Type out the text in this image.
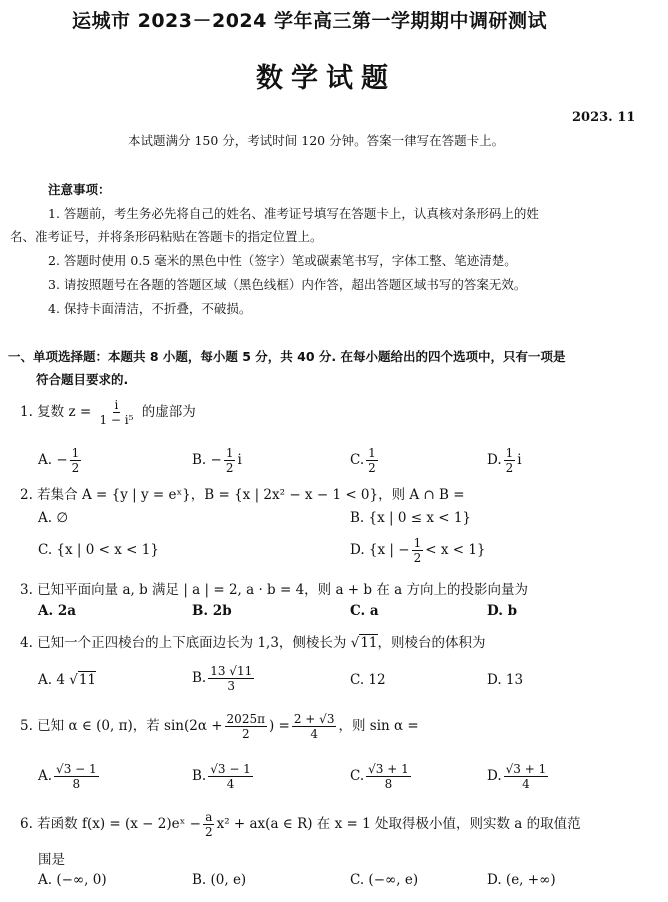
运城市 2023－2024 学年高三第一学期期中调研测试
数学试题
2023. 11
本试题满分 150 分，考试时间 120 分钟。答案一律写在答题卡上。
注意事项：
1. 答题前，考生务必先将自己的姓名、准考证号填写在答题卡上，认真核对条形码上的姓
名、准考证号，并将条形码粘贴在答题卡的指定位置上。
2. 答题时使用 0.5 毫米的黑色中性（签字）笔或碳素笔书写，字体工整、笔迹清楚。
3. 请按照题号在各题的答题区域（黑色线框）内作答，超出答题区域书写的答案无效。
4. 保持卡面清洁，不折叠，不破损。
一、单项选择题：本题共 8 小题，每小题 5 分，共 40 分. 在每小题给出的四个选项中，只有一项是
符合题目要求的.
1. 复数 $z = \frac{i}{\text{1 − i⁵}}$ 的虚部为
A. − $\frac{1}{2}$	B. − $\frac{1}{2}$ i	C. $\frac{1}{2}$	D. $\frac{1}{2}$ i
2. 若集合 A = {y | y = eˣ}，B = {x | 2x² − x − 1 < 0}，则 A ∩ B =
A. ∅	B. {x | 0 ≤ x < 1}
C. {x | 0 < x < 1}	D. {x | − $\frac{1}{2} < x < 1$}
3. 已知平面向量 a, b 满足 | a | = 2, a · b = 4，则 a + b 在 a 方向上的投影向量为
A. 2a	B. 2b	C. a	D. b
4. 已知一个正四棱台的上下底面边长为 1,3，侧棱长为 √11，则棱台的体积为
A. 4 √11	B. $\frac{13 √11}{3}$	C. 12	D. 13
5. 已知 α ∈ (0, π)，若 $\sin(2\alpha + \frac{2025\pi}{2}$ ) = $\frac{2 + √3}{4}$ ，则 sin α =
A. $\frac{√3 - 1}{8}$	B. $\frac{√3 - 1}{4}$	C. $\frac{√3 + 1}{8}$	D. $\frac{√3 + 1}{4}$
6. 若函数 f(x) = (x − 2)eˣ − $\frac{a}{2} x^2 + ax(a$ ∈ R) 在 x = 1 处取得极小值，则实数 a 的取值范
围是
A. (−∞, 0)	B. (0, e)	C. (−∞, e)	D. (e, +∞)
